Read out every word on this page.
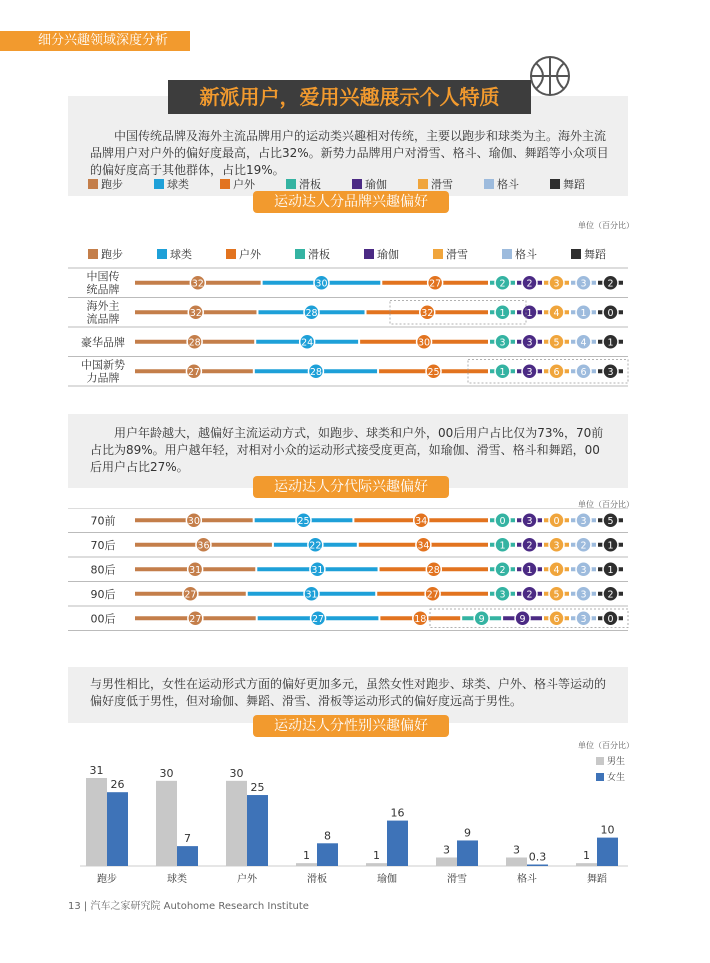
细分兴趣领域深度分析
新派用户，爱用兴趣展示个人特质
中国传统品牌及海外主流品牌用户的运动类兴趣相对传统，主要以跑步和球类为主。海外主流品牌用户对户外的偏好度最高，占比32%。新势力品牌用户对滑雪、格斗、瑜伽、舞蹈等小众项目的偏好度高于其他群体，占比19%。
跑步	球类	户外	滑板	瑜伽	滑雪	格斗	舞蹈
运动达人分品牌兴趣偏好
单位（百分比）
跑步	球类	户外	滑板	瑜伽	滑雪	格斗	舞蹈
中国传统品牌	32	30	27	2 2 3 3 2
海外主流品牌	32	28	32	1 1 4 1 0
豪华品牌	28	24	30	3 3 5 4 1
中国新势力品牌	27	28	25	1 3 6 6 3
用户年龄越大，越偏好主流运动方式，如跑步、球类和户外，00后用户占比仅为73%，70前占比为89%。用户越年轻，对相对小众的运动形式接受度更高，如瑜伽、滑雪、格斗和舞蹈，00后用户占比27%。
运动达人分代际兴趣偏好
单位（百分比）
70前	30	25	34	0 3 0 3 5
70后	36	22	34	1 2 3 2 1
80后	31	31	28	2 1 4 3 1
90后	27	31	27	3 2 5 3 2
00后	27	27	18	9	9	6 3 0
与男性相比，女性在运动形式方面的偏好更加多元，虽然女性对跑步、球类、户外、格斗等运动的偏好度低于男性，但对瑜伽、舞蹈、滑雪、滑板等运动形式的偏好度远高于男性。
运动达人分性别兴趣偏好
单位（百分比）
男生
女生
31
26
跑步
30
7
球类
30
25
户外
1
8
滑板
1
16
瑜伽
3
9
滑雪
3
0.3
格斗
1
10
舞蹈
13 | 汽车之家研究院 Autohome Research Institute
